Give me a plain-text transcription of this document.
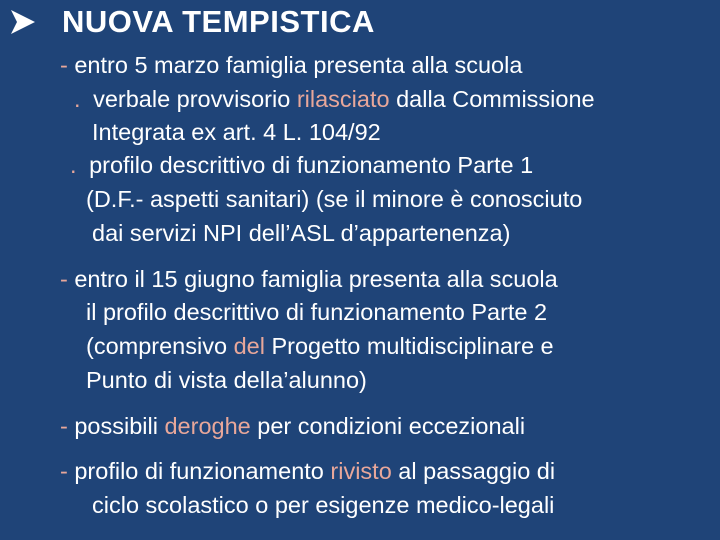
NUOVA TEMPISTICA
- entro 5 marzo famiglia presenta alla scuola
. verbale provvisorio rilasciato dalla Commissione
Integrata ex art. 4 L. 104/92
. profilo descrittivo di funzionamento Parte 1
(D.F.- aspetti sanitari) (se il minore è conosciuto
dai servizi NPI dell’ASL d’appartenenza)
- entro il 15 giugno famiglia presenta alla scuola
il profilo descrittivo di funzionamento Parte 2
(comprensivo del Progetto multidisciplinare e
Punto di vista della’alunno)
- possibili deroghe per condizioni eccezionali
- profilo di funzionamento rivisto al passaggio di
ciclo scolastico o per esigenze medico-legali
